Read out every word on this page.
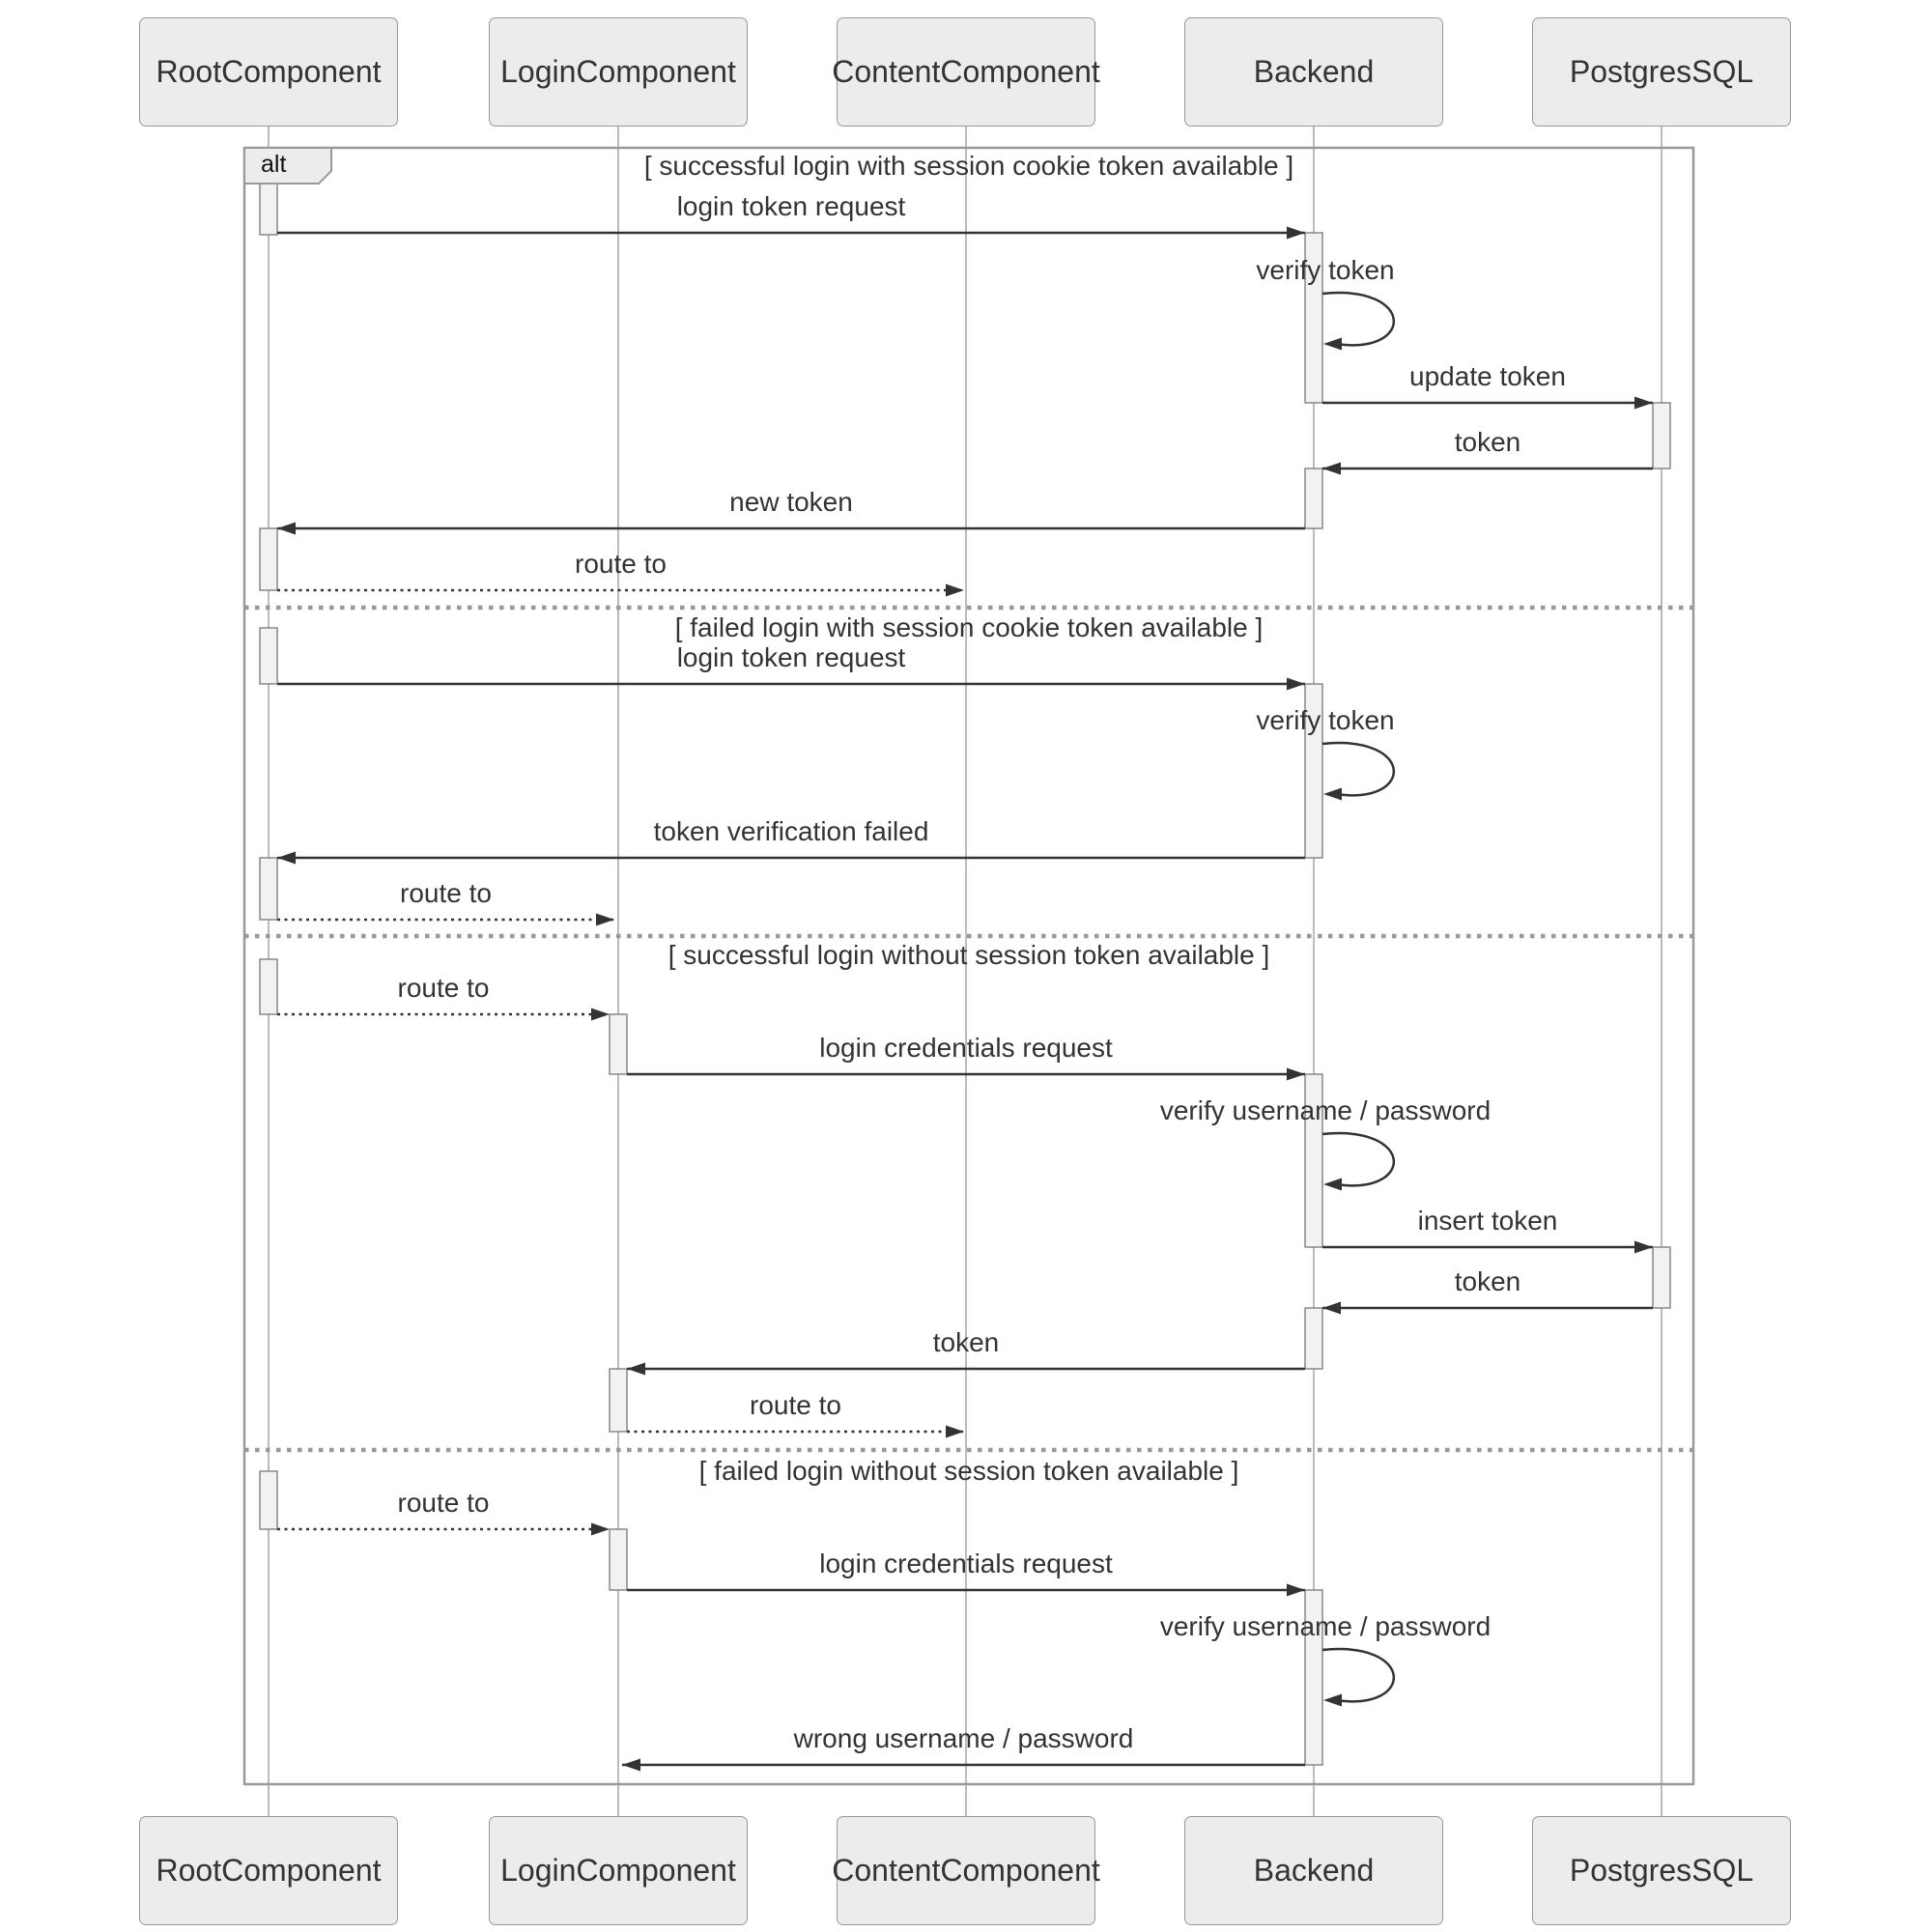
login token request
verify token
update token
token
new token
route to
[ successful login with session cookie token available ]
login token request
verify token
token verification failed
route to
[ failed login with session cookie token available ]
route to
login credentials request
verify username / password
insert token
token
token
route to
[ successful login without session token available ]
route to
login credentials request
verify username / password
wrong username / password
[ failed login without session token available ]
alt
RootComponent
RootComponent
LoginComponent
LoginComponent
ContentComponent
ContentComponent
Backend
Backend
PostgresSQL
PostgresSQL
